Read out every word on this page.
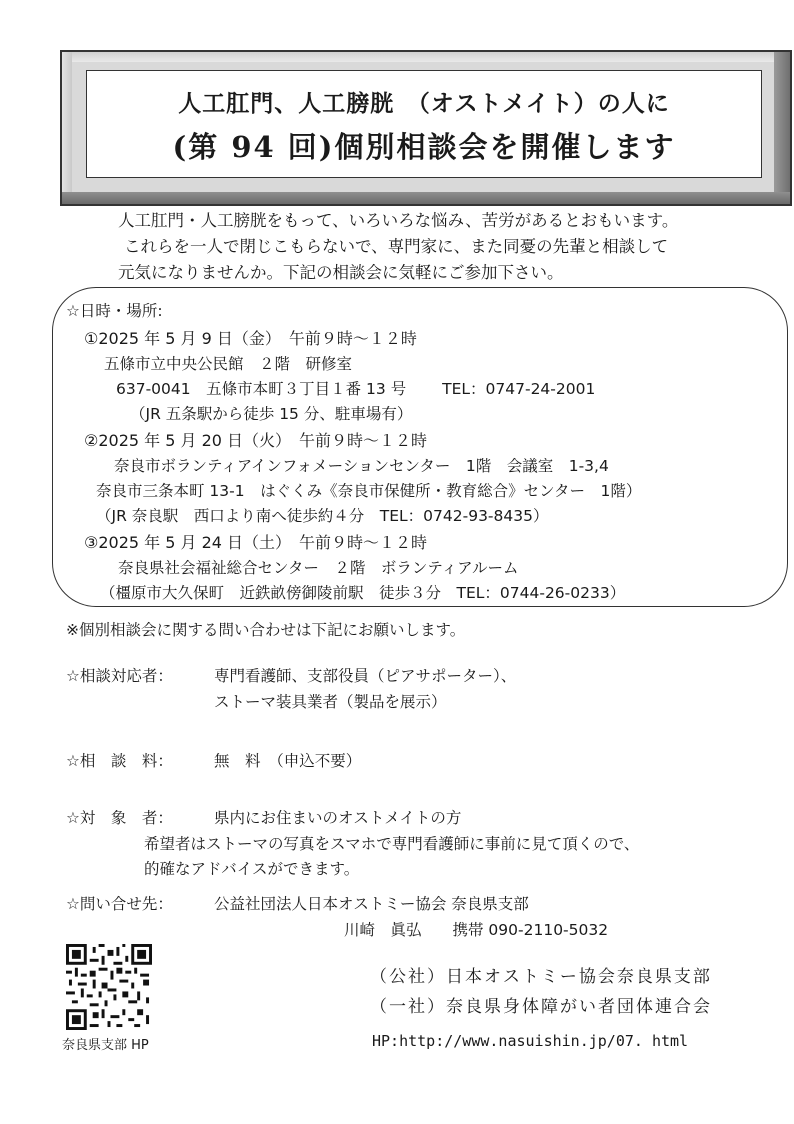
人工肛門、人工膀胱　（オストメイト）の人に
(第 94 回)個別相談会を開催します
人工肛門・人工膀胱をもって、いろいろな悩み、苦労があるとおもいます。
これらを一人で閉じこもらないで、専門家に、また同憂の先輩と相談して
元気になりませんか。下記の相談会に気軽にご参加下さい。
☆日時・場所:
①2025 年 5 月 9 日（金）　午前９時～１２時
五條市立中央公民館　２階　研修室
637-0041　五條市本町３丁目１番 13 号　　 TEL：0747-24-2001
（JR 五条駅から徒歩 15 分、駐車場有）
②2025 年 5 月 20 日（火）　午前９時～１２時
奈良市ボランティアインフォメーションセンター　1階　会議室　1-3,4
奈良市三条本町 13-1　はぐくみ《奈良市保健所・教育総合》センター　1階）
（JR 奈良駅　西口より南へ徒歩約４分　TEL：0742-93-8435）
③2025 年 5 月 24 日（土）　午前９時～１２時
奈良県社会福祉総合センター　２階　ボランティアルーム
（橿原市大久保町　近鉄畝傍御陵前駅　徒歩３分　TEL：0744-26-0233）
※個別相談会に関する問い合わせは下記にお願いします。
☆相談対応者：	専門看護師、支部役員（ピアサポーター）、
ストーマ装具業者（製品を展示）
☆相　談　料：	無　料　（申込不要）
☆対　象　者：	県内にお住まいのオストメイトの方
希望者はストーマの写真をスマホで専門看護師に事前に見て頂くので、
的確なアドバイスができます。
☆問い合せ先：	公益社団法人日本オストミー協会 奈良県支部
川崎　眞弘　　携帯 090-2110-5032
奈良県支部 HP
（公社）日本オストミー協会奈良県支部
（一社）奈良県身体障がい者団体連合会
HP:http://www.nasuishin.jp/07. html
